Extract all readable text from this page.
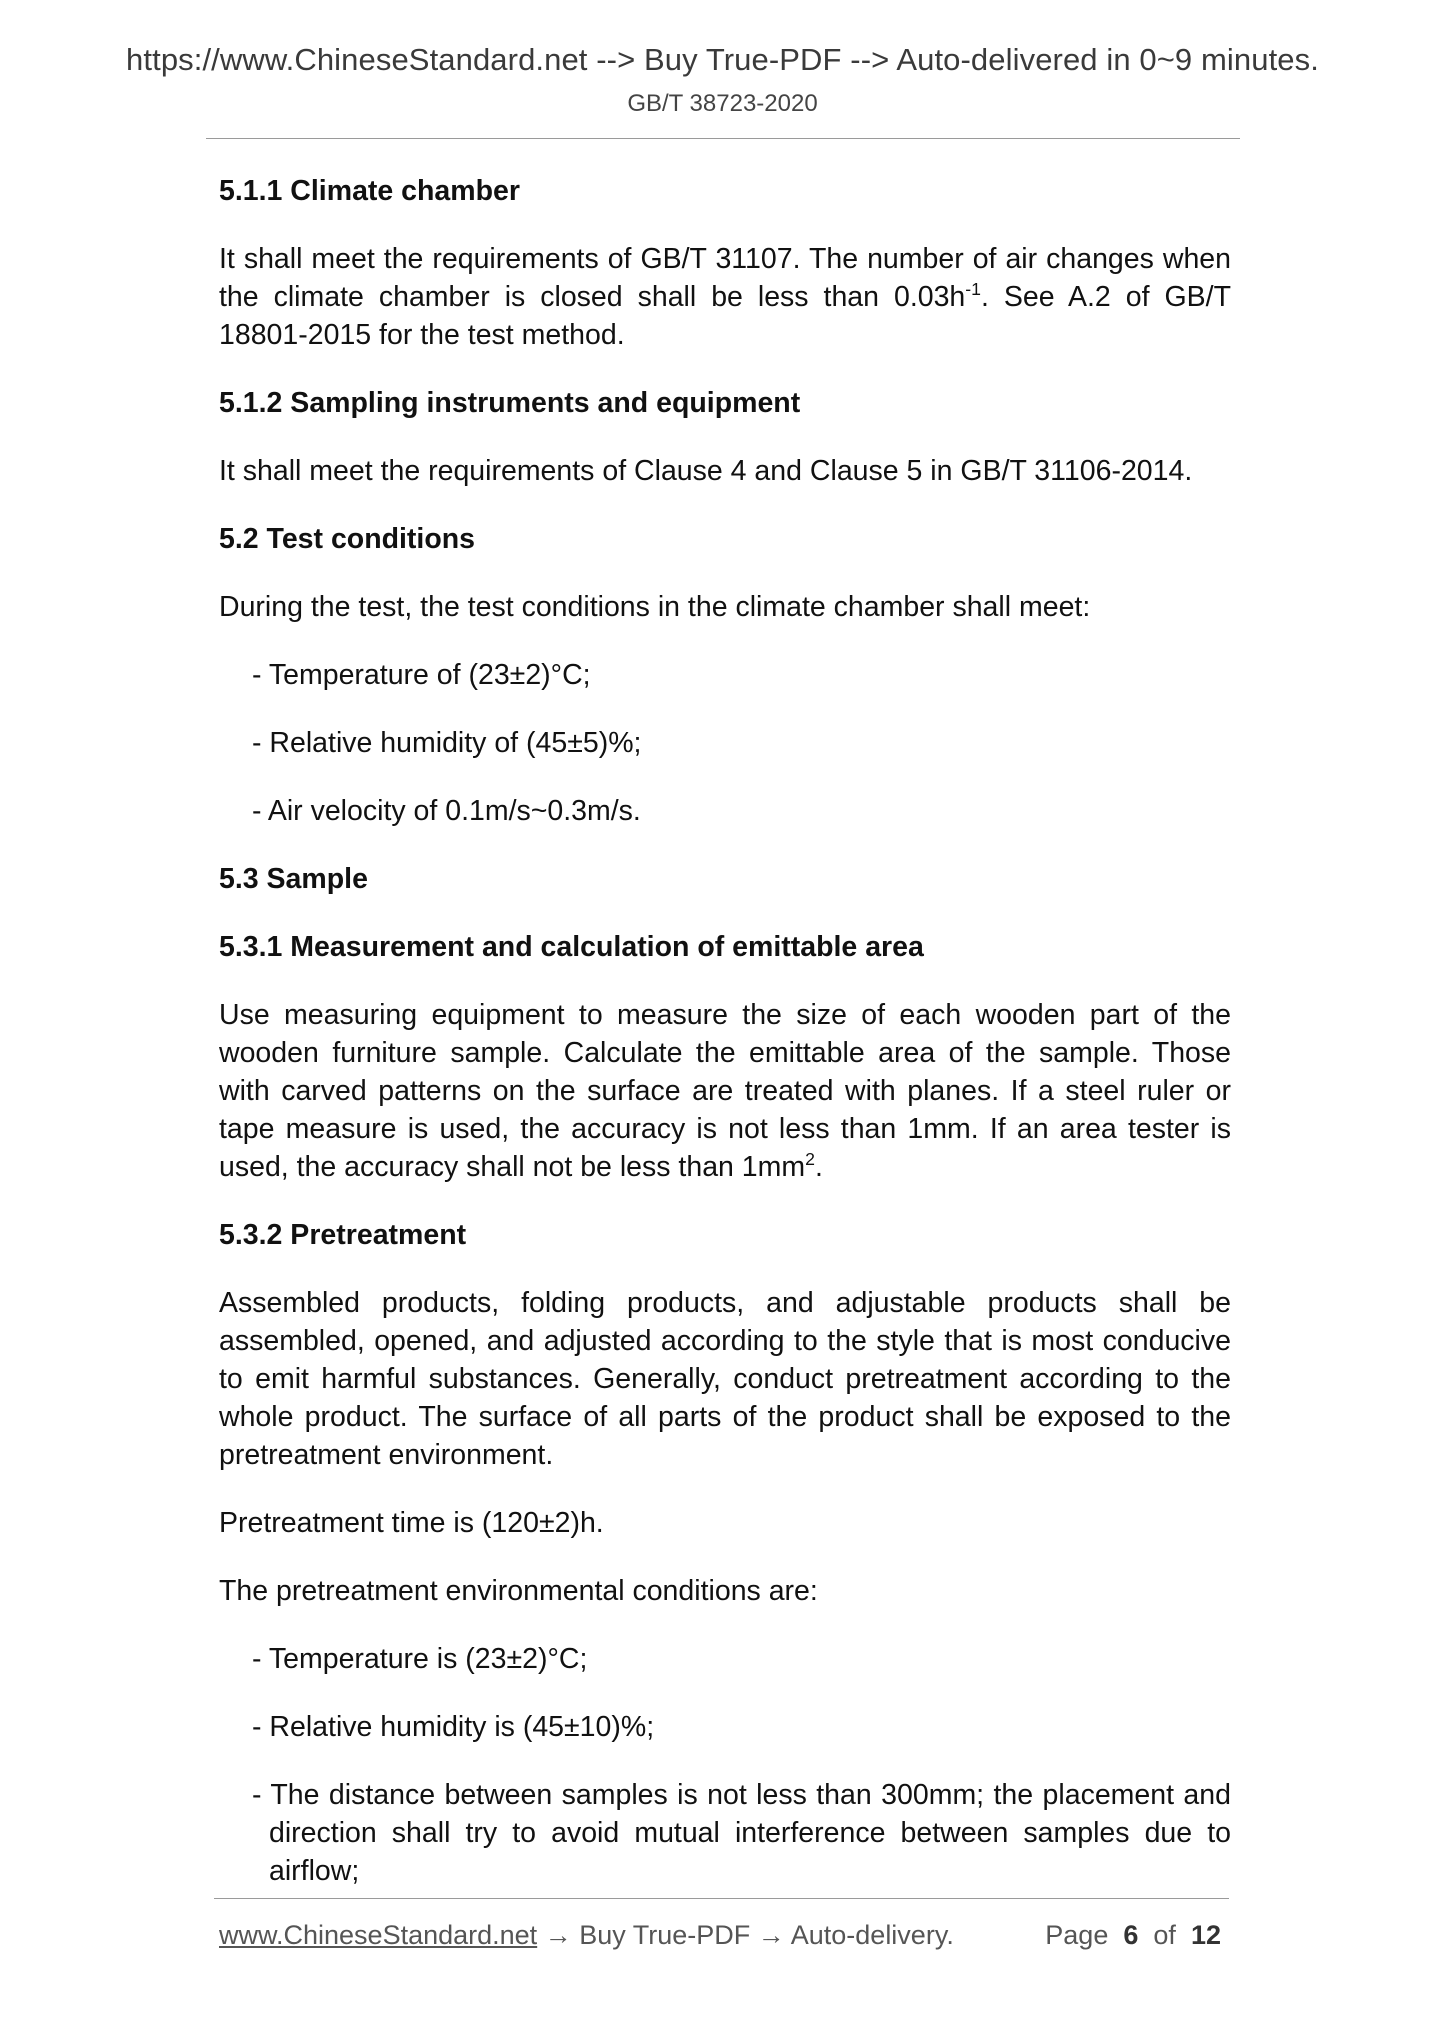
https://www.ChineseStandard.net --> Buy True-PDF --> Auto-delivered in 0~9 minutes.
GB/T 38723-2020
5.1.1 Climate chamber
It shall meet the requirements of GB/T 31107. The number of air changes when the climate chamber is closed shall be less than $0.03h^{-1}$. See A.2 of GB/T 18801-2015 for the test method.
5.1.2 Sampling instruments and equipment
It shall meet the requirements of Clause 4 and Clause 5 in GB/T 31106-2014.
5.2 Test conditions
During the test, the test conditions in the climate chamber shall meet:
- Temperature of (23±2)°C;
- Relative humidity of (45±5)%;
- Air velocity of 0.1m/s~0.3m/s.
5.3 Sample
5.3.1 Measurement and calculation of emittable area
Use measuring equipment to measure the size of each wooden part of the wooden furniture sample. Calculate the emittable area of the sample. Those with carved patterns on the surface are treated with planes. If a steel ruler or tape measure is used, the accuracy is not less than 1mm. If an area tester is used, the accuracy shall not be less than $1mm^2$.
5.3.2 Pretreatment
Assembled products, folding products, and adjustable products shall be assembled, opened, and adjusted according to the style that is most conducive to emit harmful substances. Generally, conduct pretreatment according to the whole product. The surface of all parts of the product shall be exposed to the pretreatment environment.
Pretreatment time is (120±2)h.
The pretreatment environmental conditions are:
- Temperature is (23±2)°C;
- Relative humidity is (45±10)%;
- The distance between samples is not less than 300mm; the placement and direction shall try to avoid mutual interference between samples due to airflow;
www.ChineseStandard.net → Buy True-PDF → Auto-delivery.	Page 6 of 12
